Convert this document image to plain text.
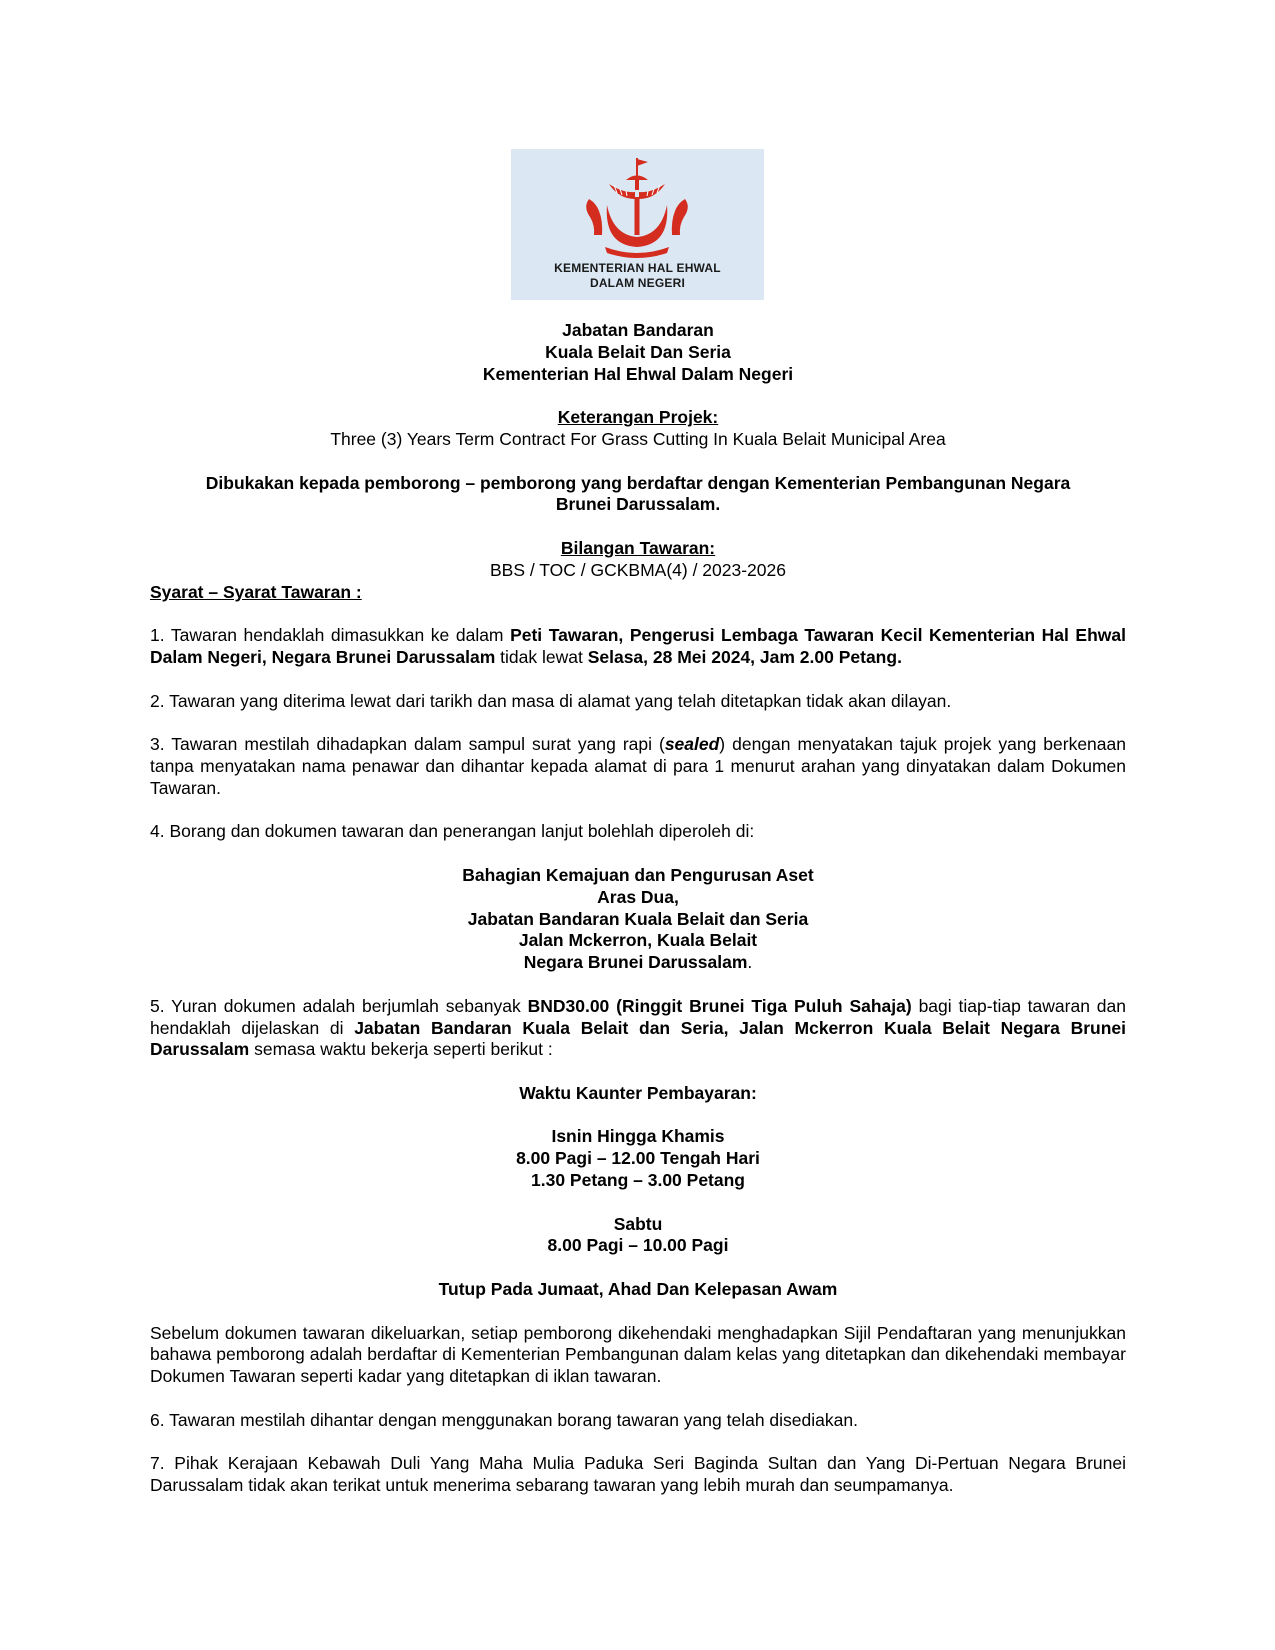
KEMENTERIAN HAL EHWAL
DALAM NEGERI
Jabatan Bandaran
Kuala Belait Dan Seria
Kementerian Hal Ehwal Dalam Negeri
Keterangan Projek:
Three (3) Years Term Contract For Grass Cutting In Kuala Belait Municipal Area
Dibukakan kepada pemborong – pemborong yang berdaftar dengan Kementerian Pembangunan Negara
Brunei Darussalam.
Bilangan Tawaran:
BBS / TOC / GCKBMA(4) / 2023-2026
Syarat – Syarat Tawaran :

1. Tawaran hendaklah dimasukkan ke dalam Peti Tawaran, Pengerusi Lembaga Tawaran Kecil Kementerian Hal Ehwal Dalam Negeri, Negara Brunei Darussalam tidak lewat Selasa, 28 Mei 2024, Jam 2.00 Petang.

2. Tawaran yang diterima lewat dari tarikh dan masa di alamat yang telah ditetapkan tidak akan dilayan.

3. Tawaran mestilah dihadapkan dalam sampul surat yang rapi (sealed) dengan menyatakan tajuk projek yang berkenaan tanpa menyatakan nama penawar dan dihantar kepada alamat di para 1 menurut arahan yang dinyatakan dalam Dokumen Tawaran.

4. Borang dan dokumen tawaran dan penerangan lanjut bolehlah diperoleh di:

Bahagian Kemajuan dan Pengurusan Aset
Aras Dua,
Jabatan Bandaran Kuala Belait dan Seria
Jalan Mckerron, Kuala Belait
Negara Brunei Darussalam.

5. Yuran dokumen adalah berjumlah sebanyak BND30.00 (Ringgit Brunei Tiga Puluh Sahaja) bagi tiap-tiap tawaran dan hendaklah dijelaskan di Jabatan Bandaran Kuala Belait dan Seria, Jalan Mckerron Kuala Belait Negara Brunei Darussalam semasa waktu bekerja seperti berikut :

Waktu Kaunter Pembayaran:
Isnin Hingga Khamis
8.00 Pagi – 12.00 Tengah Hari
1.30 Petang – 3.00 Petang
Sabtu
8.00 Pagi – 10.00 Pagi
Tutup Pada Jumaat, Ahad Dan Kelepasan Awam

Sebelum dokumen tawaran dikeluarkan, setiap pemborong dikehendaki menghadapkan Sijil Pendaftaran yang menunjukkan bahawa pemborong adalah berdaftar di Kementerian Pembangunan dalam kelas yang ditetapkan dan dikehendaki membayar Dokumen Tawaran seperti kadar yang ditetapkan di iklan tawaran.

6. Tawaran mestilah dihantar dengan menggunakan borang tawaran yang telah disediakan.

7. Pihak Kerajaan Kebawah Duli Yang Maha Mulia Paduka Seri Baginda Sultan dan Yang Di-Pertuan Negara Brunei Darussalam tidak akan terikat untuk menerima sebarang tawaran yang lebih murah dan seumpamanya.
